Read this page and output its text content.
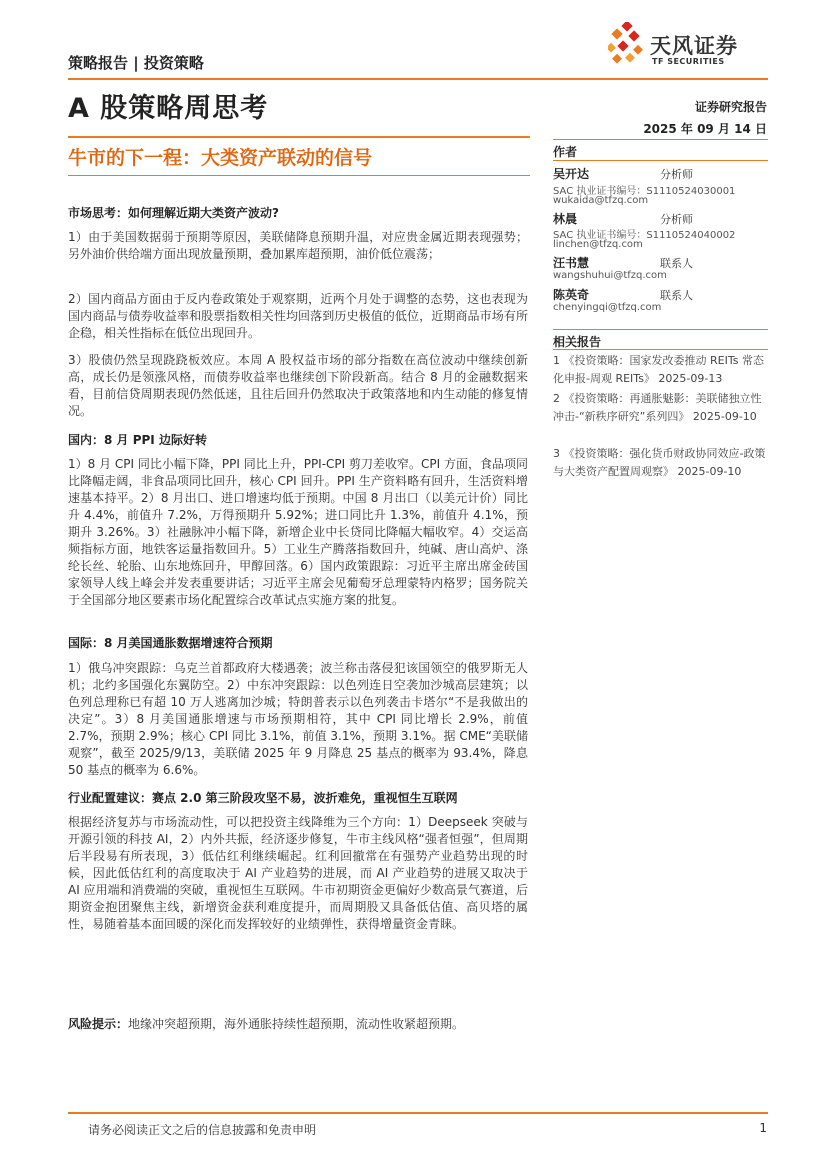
策略报告 | 投资策略
天风证券
TF SECURITIES
A 股策略周思考	证券研究报告
2025 年 09 月 14 日
牛市的下一程：大类资产联动的信号
市场思考：如何理解近期大类资产波动?
1）由于美国数据弱于预期等原因，美联储降息预期升温，对应贵金属近期表现强势；另外油价供给端方面出现放量预期，叠加累库超预期，油价低位震荡；
2）国内商品方面由于反内卷政策处于观察期，近两个月处于调整的态势，这也表现为国内商品与债券收益率和股票指数相关性均回落到历史极值的低位，近期商品市场有所企稳，相关性指标在低位出现回升。
3）股债仍然呈现跷跷板效应。本周 A 股权益市场的部分指数在高位波动中继续创新高，成长仍是领涨风格，而债券收益率也继续创下阶段新高。结合 8 月的金融数据来看，目前信贷周期表现仍然低迷，且往后回升仍然取决于政策落地和内生动能的修复情况。
国内：8 月 PPI 边际好转
1）8 月 CPI 同比小幅下降，PPI 同比上升，PPI-CPI 剪刀差收窄。CPI 方面，食品项同比降幅走阔，非食品项同比回升，核心 CPI 回升。PPI 生产资料略有回升，生活资料增速基本持平。2）8 月出口、进口增速均低于预期。中国 8 月出口（以美元计价）同比升 4.4%，前值升 7.2%，万得预期升 5.92%；进口同比升 1.3%，前值升 4.1%，预期升 3.26%。3）社融脉冲小幅下降，新增企业中长贷同比降幅大幅收窄。4）交运高频指标方面，地铁客运量指数回升。5）工业生产腾落指数回升，纯碱、唐山高炉、涤纶长丝、轮胎、山东地炼回升，甲醇回落。6）国内政策跟踪：习近平主席出席金砖国家领导人线上峰会并发表重要讲话；习近平主席会见葡萄牙总理蒙特内格罗；国务院关于全国部分地区要素市场化配置综合改革试点实施方案的批复。
国际：8 月美国通胀数据增速符合预期
1）俄乌冲突跟踪：乌克兰首都政府大楼遇袭；波兰称击落侵犯该国领空的俄罗斯无人机；北约多国强化东翼防空。2）中东冲突跟踪：以色列连日空袭加沙城高层建筑；以色列总理称已有超 10 万人逃离加沙城；特朗普表示以色列袭击卡塔尔“不是我做出的决定”。3）8 月美国通胀增速与市场预期相符，其中 CPI 同比增长 2.9%，前值 2.7%，预期 2.9%；核心 CPI 同比 3.1%，前值 3.1%，预期 3.1%。据 CME“美联储观察”，截至 2025/9/13，美联储 2025 年 9 月降息 25 基点的概率为 93.4%，降息 50 基点的概率为 6.6%。
行业配置建议：赛点 2.0 第三阶段攻坚不易，波折难免，重视恒生互联网
根据经济复苏与市场流动性，可以把投资主线降维为三个方向：1）Deepseek 突破与开源引领的科技 AI，2）内外共振，经济逐步修复，牛市主线风格“强者恒强”，但周期后半段易有所表现，3）低估红利继续崛起。红利回撤常在有强势产业趋势出现的时候，因此低估红利的高度取决于 AI 产业趋势的进展，而 AI 产业趋势的进展又取决于 AI 应用端和消费端的突破，重视恒生互联网。牛市初期资金更偏好少数高景气赛道，后期资金抱团聚焦主线，新增资金获利难度提升，而周期股又具备低估值、高贝塔的属性，易随着基本面回暖的深化而发挥较好的业绩弹性，获得增量资金青睐。
风险提示：地缘冲突超预期，海外通胀持续性超预期，流动性收紧超预期。
作者
吴开达	分析师
SAC 执业证书编号：S1110524030001
wukaida@tfzq.com
林晨	分析师
SAC 执业证书编号：S1110524040002
linchen@tfzq.com
汪书慧	联系人
wangshuhui@tfzq.com
陈英奇	联系人
chenyingqi@tfzq.com
相关报告
1 《投资策略：国家发改委推动 REITs 常态化申报-周观 REITs》 2025-09-13
2 《投资策略：再通胀魅影：美联储独立性冲击-“新秩序研究”系列四》 2025-09-10
3 《投资策略：强化货币财政协同效应-政策与大类资产配置周观察》 2025-09-10
请务必阅读正文之后的信息披露和免责申明	1
